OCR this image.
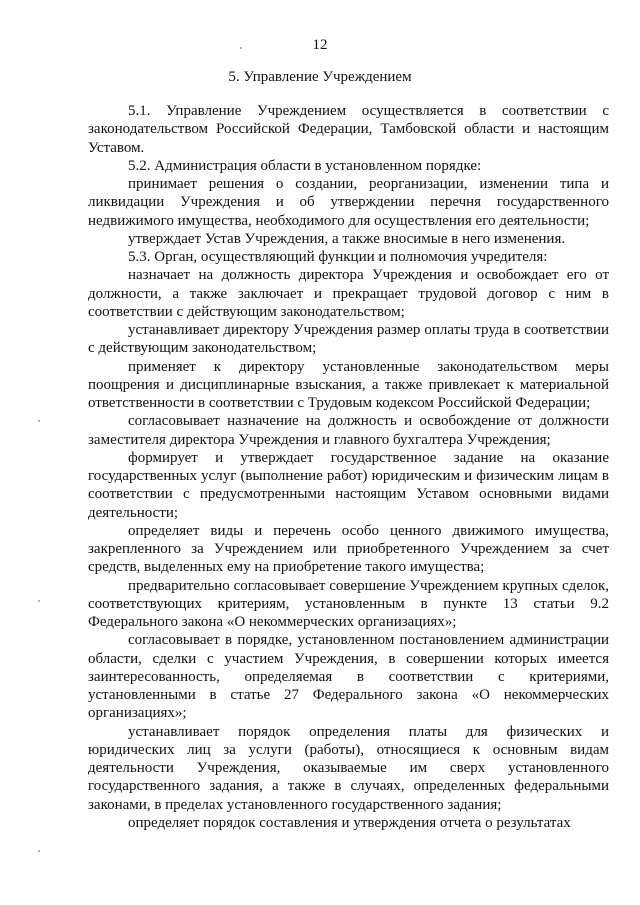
12
5. Управление Учреждением

5.1. Управление Учреждением осуществляется в соответствии с законодательством Российской Федерации, Тамбовской области и настоящим Уставом.

5.2. Администрация области в установленном порядке:

принимает решения о создании, реорганизации, изменении типа и ликвидации Учреждения и об утверждении перечня государственного недвижимого имущества, необходимого для осуществления его деятельности;

утверждает Устав Учреждения, а также вносимые в него изменения.

5.3. Орган, осуществляющий функции и полномочия учредителя:

назначает на должность директора Учреждения и освобождает его от должности, а также заключает и прекращает трудовой договор с ним в соответствии с действующим законодательством;

устанавливает директору Учреждения размер оплаты труда в соответствии с действующим законодательством;

применяет к директору установленные законодательством меры поощрения и дисциплинарные взыскания, а также привлекает к материальной ответственности в соответствии с Трудовым кодексом Российской Федерации;

согласовывает назначение на должность и освобождение от должности заместителя директора Учреждения и главного бухгалтера Учреждения;

формирует и утверждает государственное задание на оказание государственных услуг (выполнение работ) юридическим и физическим лицам в соответствии с предусмотренными настоящим Уставом основными видами деятельности;

определяет виды и перечень особо ценного движимого имущества, закрепленного за Учреждением или приобретенного Учреждением за счет средств, выделенных ему на приобретение такого имущества;

предварительно согласовывает совершение Учреждением крупных сделок, соответствующих критериям, установленным в пункте 13 статьи 9.2 Федерального закона «О некоммерческих организациях»;

согласовывает в порядке, установленном постановлением администрации области, сделки с участием Учреждения, в совершении которых имеется заинтересованность, определяемая в соответствии с критериями, установленными в статье 27 Федерального закона «О некоммерческих организациях»;

устанавливает порядок определения платы для физических и юридических лиц за услуги (работы), относящиеся к основным видам деятельности Учреждения, оказываемые им сверх установленного государственного задания, а также в случаях, определенных федеральными законами, в пределах установленного государственного задания;

определяет порядок составления и утверждения отчета о результатах
